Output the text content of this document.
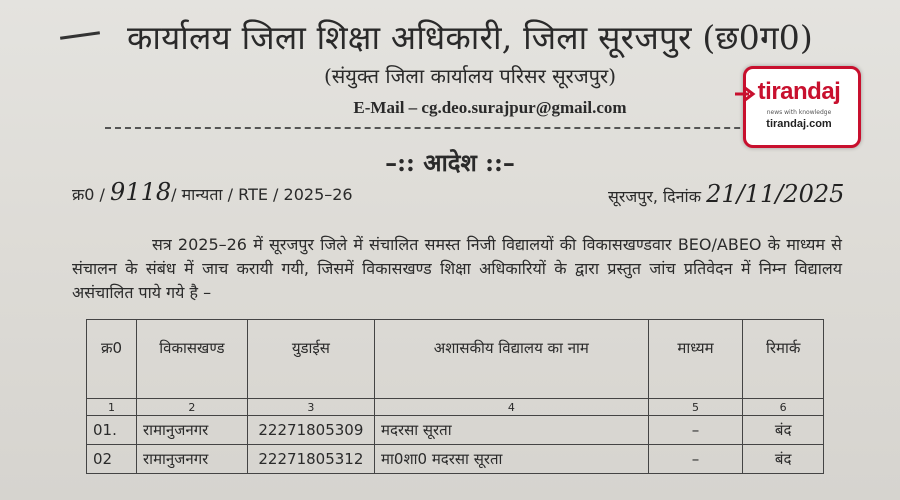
कार्यालय जिला शिक्षा अधिकारी, जिला सूरजपुर (छ0ग0)
(संयुक्त जिला कार्यालय परिसर सूरजपुर)
E-Mail – cg.deo.surajpur@gmail.com
–:: आदेश ::–
क्र0 / 9118/ मान्यता / RTE / 2025–26	सूरजपुर, दिनांक 21/11/2025
सत्र 2025–26 में सूरजपुर जिले में संचालित समस्त निजी विद्यालयों की विकासखण्डवार BEO/ABEO के माध्यम से संचालन के संबंध में जाच करायी गयी, जिसमें विकासखण्ड शिक्षा अधिकारियों के द्वारा प्रस्तुत जांच प्रतिवेदन में निम्न विद्यालय असंचालित पाये गये है –
क्र0	विकासखण्ड	युडाईस	अशासकीय विद्यालय का नाम	माध्यम	रिमार्क
1	2	3	4	5	6
01.	रामानुजनगर	22271805309	मदरसा सूरता	–	बंद
02	रामानुजनगर	22271805312	मा0शा0 मदरसा सूरता	–	बंद
tirandaj
news with knowledge
tirandaj.com
